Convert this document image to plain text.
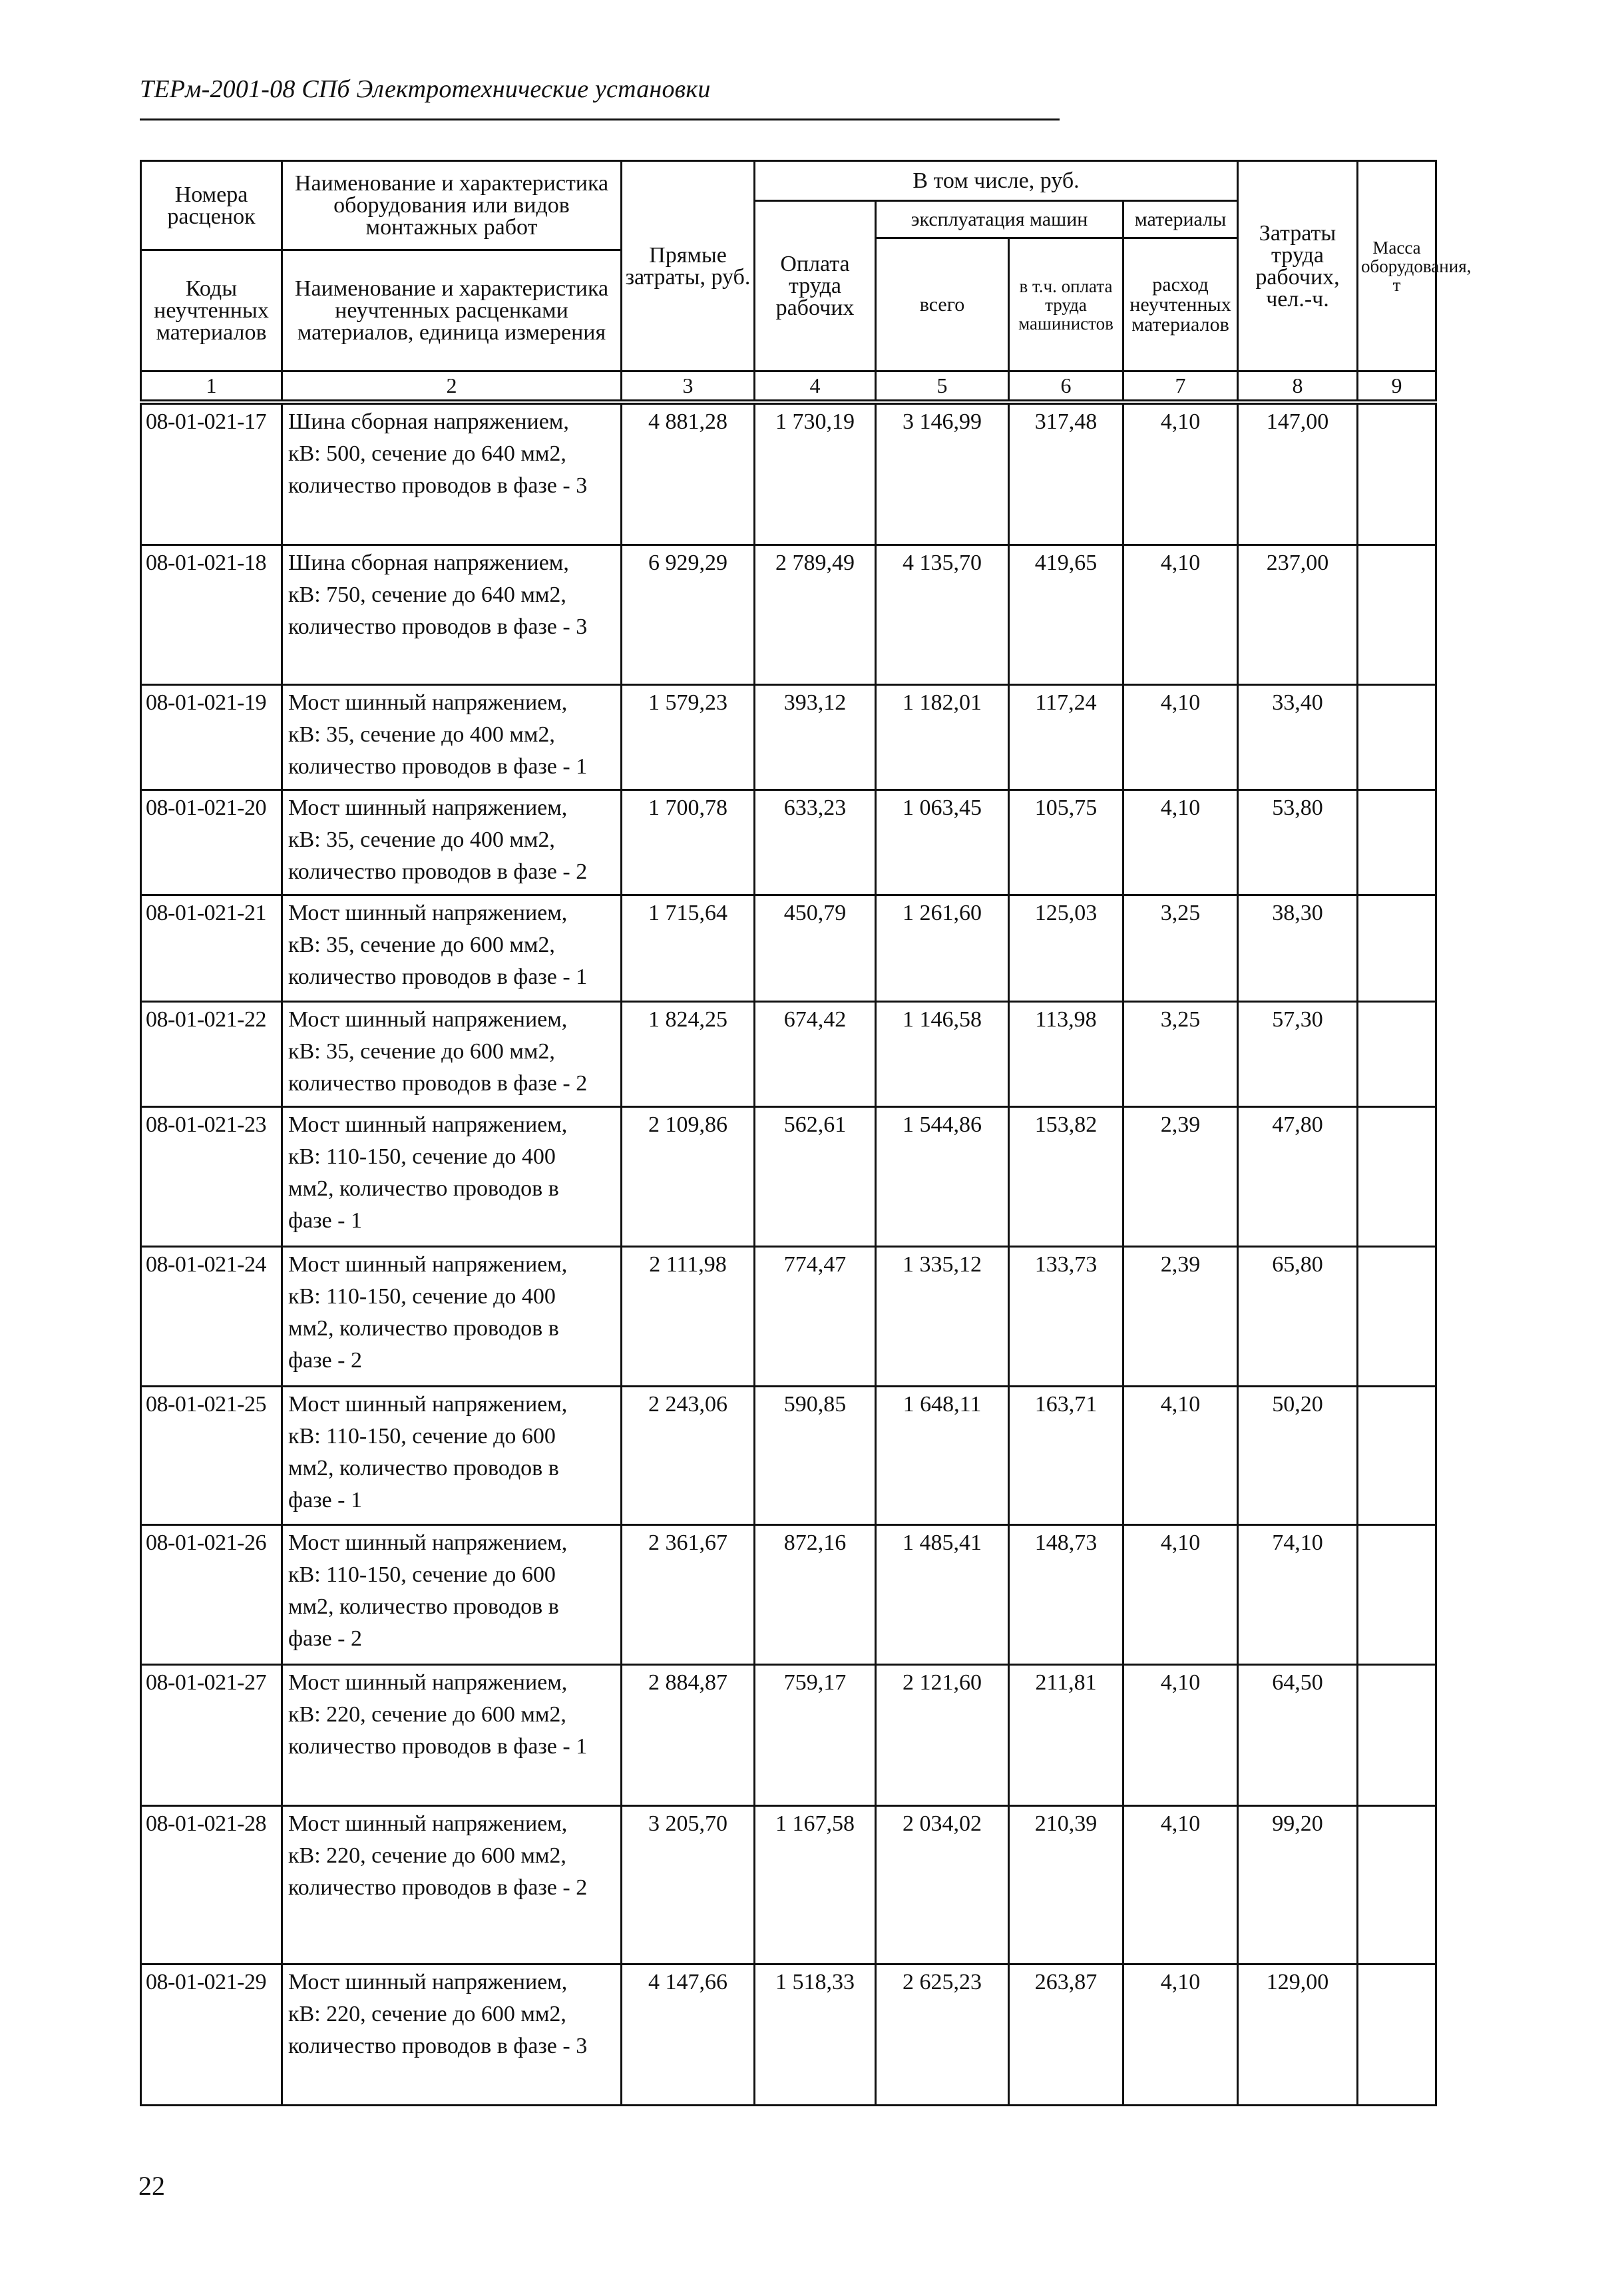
ТЕРм-2001-08 СПб Электротехнические установки
Номера расценок	Наименование и характеристика оборудования или видов монтажных работ	Прямые затраты, руб.	В том числе, руб.				Затраты труда рабочих, чел.-ч.	Масса оборудования, т
			Оплата труда рабочих	эксплуатация машин		материалы		
				всего	в т.ч. оплата труда машинистов	расход неучтенных материалов		
Коды неучтенных материалов	Наименование и характеристика неучтенных расценками материалов, единица измерения							

1	2	3	4	5	6	7	8	9
08-01-021-17	Шина сборная напряжением,
кВ: 500, сечение до 640 мм2,
количество проводов в фазе - 3	4 881,28	1 730,19	3 146,99	317,48	4,10	147,00	
08-01-021-18	Шина сборная напряжением,
кВ: 750, сечение до 640 мм2,
количество проводов в фазе - 3	6 929,29	2 789,49	4 135,70	419,65	4,10	237,00	
08-01-021-19	Мост шинный напряжением,
кВ: 35, сечение до 400 мм2,
количество проводов в фазе - 1	1 579,23	393,12	1 182,01	117,24	4,10	33,40	
08-01-021-20	Мост шинный напряжением,
кВ: 35, сечение до 400 мм2,
количество проводов в фазе - 2	1 700,78	633,23	1 063,45	105,75	4,10	53,80	
08-01-021-21	Мост шинный напряжением,
кВ: 35, сечение до 600 мм2,
количество проводов в фазе - 1	1 715,64	450,79	1 261,60	125,03	3,25	38,30	
08-01-021-22	Мост шинный напряжением,
кВ: 35, сечение до 600 мм2,
количество проводов в фазе - 2	1 824,25	674,42	1 146,58	113,98	3,25	57,30	
08-01-021-23	Мост шинный напряжением,
кВ: 110-150, сечение до 400
мм2, количество проводов в
фазе - 1	2 109,86	562,61	1 544,86	153,82	2,39	47,80	
08-01-021-24	Мост шинный напряжением,
кВ: 110-150, сечение до 400
мм2, количество проводов в
фазе - 2	2 111,98	774,47	1 335,12	133,73	2,39	65,80	
08-01-021-25	Мост шинный напряжением,
кВ: 110-150, сечение до 600
мм2, количество проводов в
фазе - 1	2 243,06	590,85	1 648,11	163,71	4,10	50,20	
08-01-021-26	Мост шинный напряжением,
кВ: 110-150, сечение до 600
мм2, количество проводов в
фазе - 2	2 361,67	872,16	1 485,41	148,73	4,10	74,10	
08-01-021-27	Мост шинный напряжением,
кВ: 220, сечение до 600 мм2,
количество проводов в фазе - 1	2 884,87	759,17	2 121,60	211,81	4,10	64,50	
08-01-021-28	Мост шинный напряжением,
кВ: 220, сечение до 600 мм2,
количество проводов в фазе - 2	3 205,70	1 167,58	2 034,02	210,39	4,10	99,20	
08-01-021-29	Мост шинный напряжением,
кВ: 220, сечение до 600 мм2,
количество проводов в фазе - 3	4 147,66	1 518,33	2 625,23	263,87	4,10	129,00	
22
